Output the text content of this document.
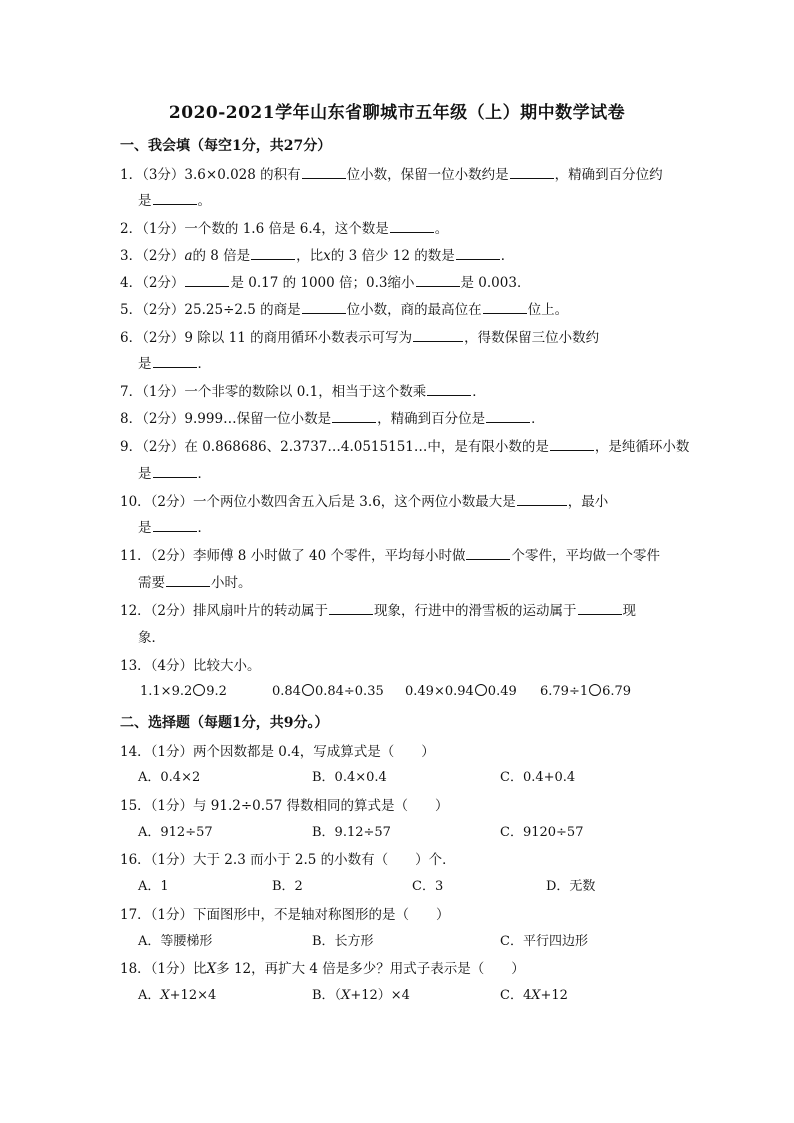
2020-2021学年山东省聊城市五年级（上）期中数学试卷
一、我会填（每空1分，共27分）
1．（3分）3.6×0.028 的积有	位小数，保留一位小数约是	，精确到百分位约
是	。
2．（1分）一个数的 1.6 倍是 6.4，这个数是	。
3．（2分）a的 8 倍是	，比x的 3 倍少 12 的数是	．
4．（2分）	是 0.17 的 1000 倍；0.3缩小	是 0.003．
5．（2分）25.25÷2.5 的商是	位小数，商的最高位在	位上。
6．（2分）9 除以 11 的商用循环小数表示可写为	，得数保留三位小数约
是	．
7．（1分）一个非零的数除以 0.1，相当于这个数乘	．
8．（2分）9.999…保留一位小数是	，精确到百分位是	．
9．（2分）在 0.868686、2.3737…4.0515151…中，是有限小数的是	，是纯循环小数
是	．
10．（2分）一个两位小数四舍五入后是 3.6，这个两位小数最大是	，最小
是	．
11．（2分）李师傅 8 小时做了 40 个零件，平均每小时做	个零件，平均做一个零件
需要	小时。
12．（2分）排风扇叶片的转动属于	现象，行进中的滑雪板的运动属于	现
象．
13．（4分）比较大小。
1.1×9.2 9.2	0.84 0.84÷0.35 0.49×0.94 0.49 6.79÷1 6.79
二、选择题（每题1分，共9分。）
14．（1分）两个因数都是 0.4，写成算式是（　　）
A．0.4×2	B．0.4×0.4	C．0.4+0.4
15．（1分）与 91.2÷0.57 得数相同的算式是（　　）
A．912÷57	B．9.12÷57	C．9120÷57
16．（1分）大于 2.3 而小于 2.5 的小数有（　　）个．
A．1	B．2	C．3	D．无数
17．（1分）下面图形中，不是轴对称图形的是（　　）
A．等腰梯形	B．长方形	C．平行四边形
18．（1分）比X多 12，再扩大 4 倍是多少？用式子表示是（　　）
A．X+12×4	B．（X+12）×4	C．4X+12
